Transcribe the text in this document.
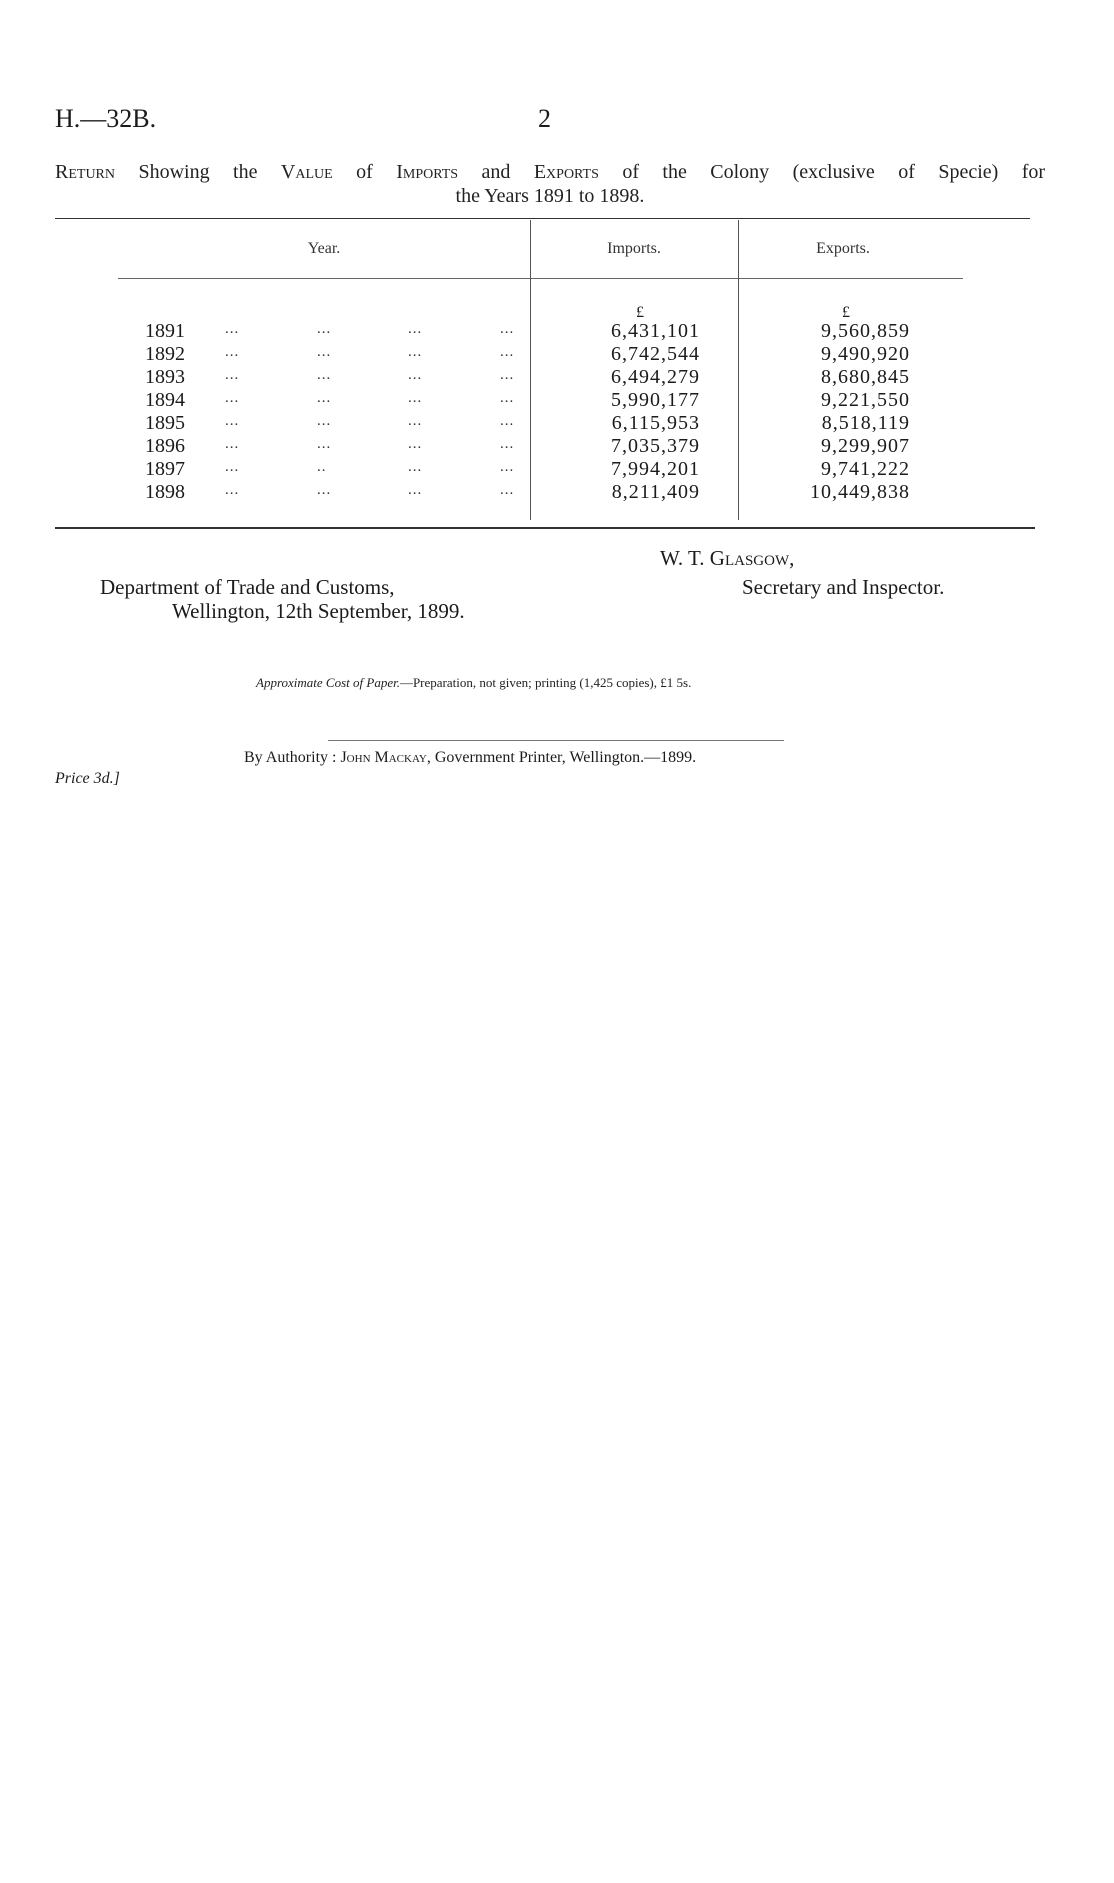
H.—32B.	2
Return Showing the Value of Imports and Exports of the Colony (exclusive of Specie) for
the Years 1891 to 1898.
Year.	Imports.	Exports.
£	£
1891	...	...	...	...	6,431,101	9,560,859
1892	...	...	...	...	6,742,544	9,490,920
1893	...	...	...	...	6,494,279	8,680,845
1894	...	...	...	...	5,990,177	9,221,550
1895	...	...	...	...	6,115,953	8,518,119
1896	...	...	...	...	7,035,379	9,299,907
1897	...	..	...	...	7,994,201	9,741,222
1898	...	...	...	...	8,211,409	10,449,838
Department of Trade and Customs,
Wellington, 12th September, 1899.
W. T. Glasgow,
Secretary and Inspector.
Approximate Cost of Paper.—Preparation, not given; printing (1,425 copies), £1 5s.
By Authority : John Mackay, Government Printer, Wellington.—1899.
Price 3d.]
